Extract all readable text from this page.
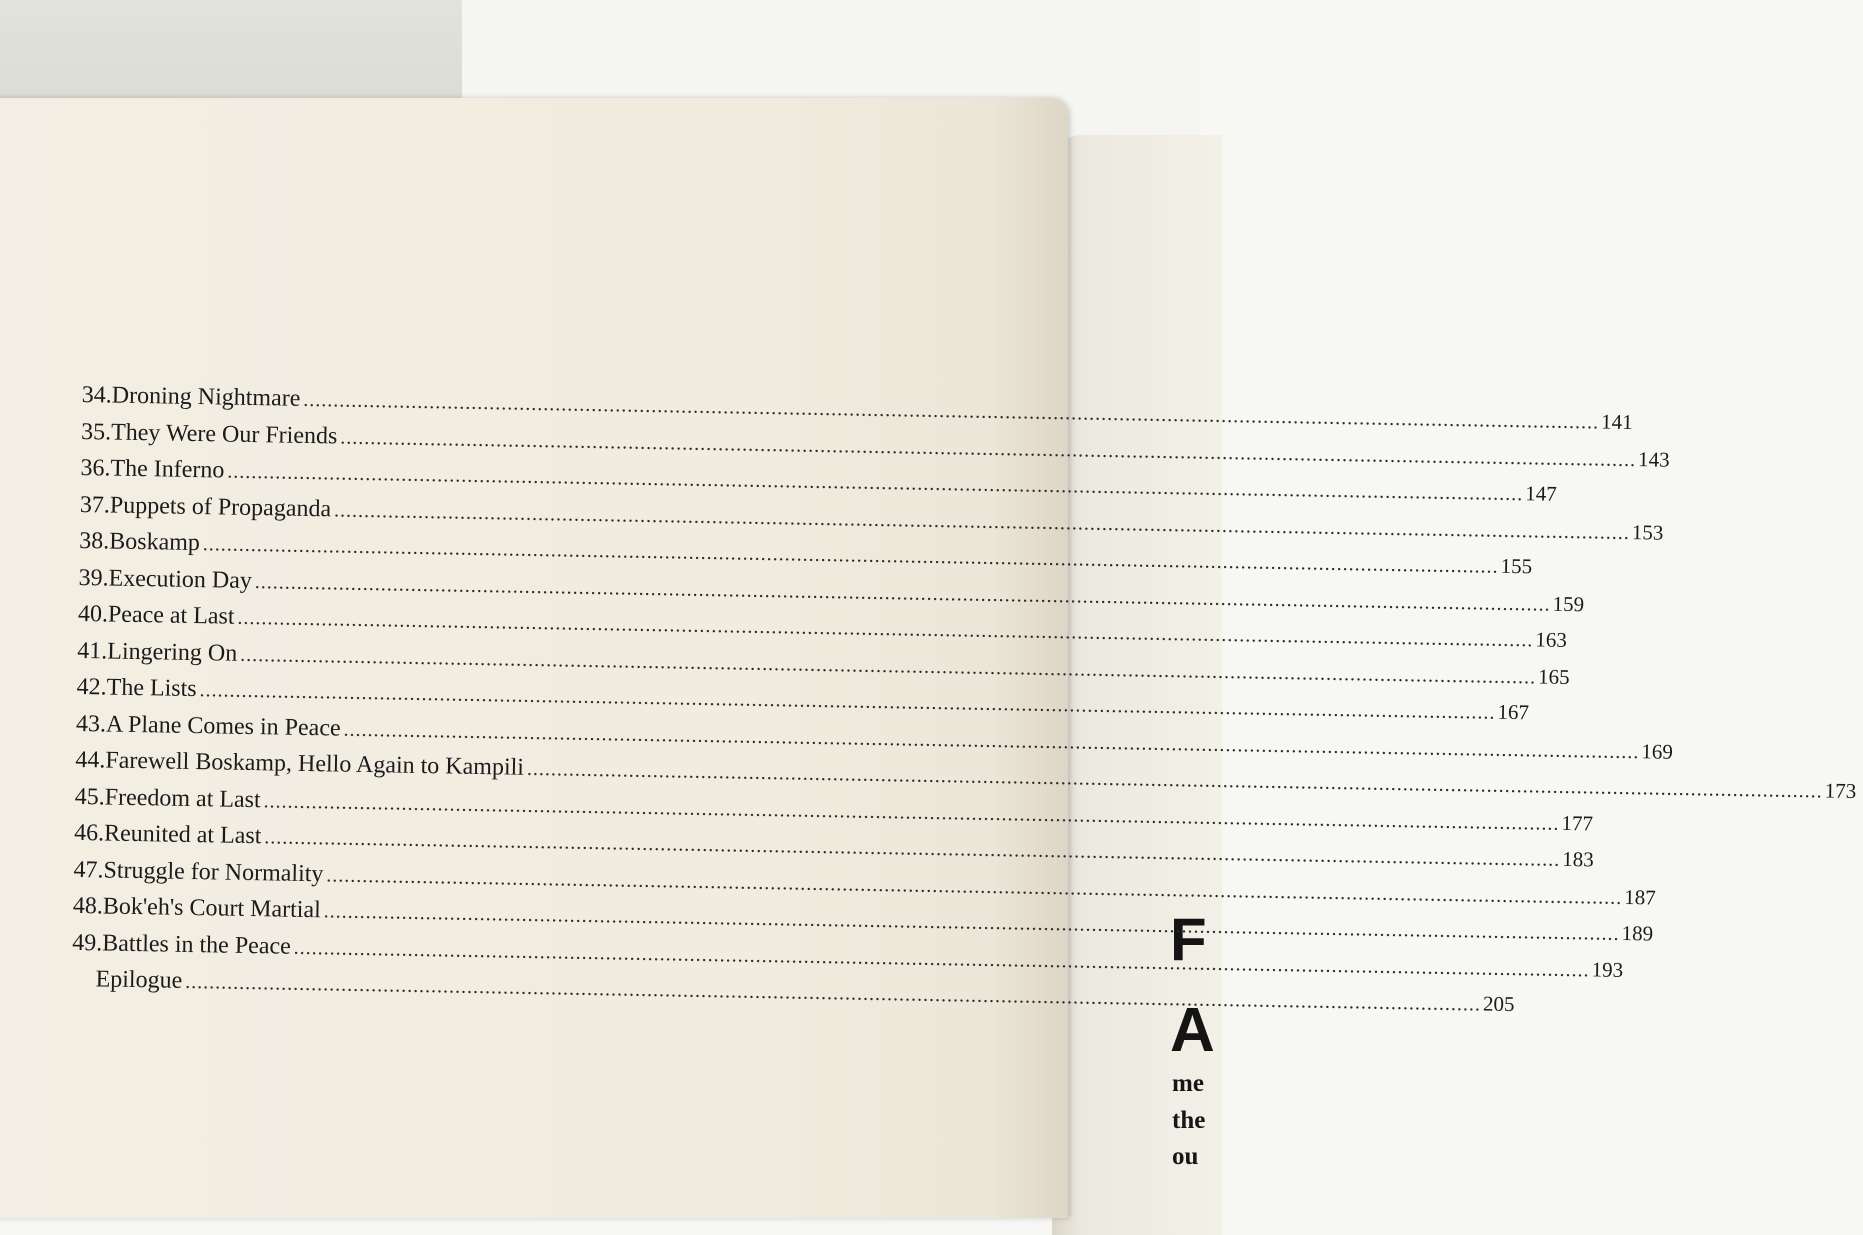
F
A
me
the
ou
34. Droning Nightmare
.....
141
35. They Were Our Friends
.....
143
36. The Inferno
.....
147
37. Puppets of Propaganda
.....
153
38. Boskamp
.....
155
39. Execution Day
.....
159
40. Peace at Last
.....
163
41. Lingering On
.....
165
42. The Lists
.....
167
43. A Plane Comes in Peace
.....
169
44. Farewell Boskamp, Hello Again to Kampili
.....
173
45. Freedom at Last
.....
177
46. Reunited at Last
.....
183
47. Struggle for Normality
.....
187
48. Bok'eh's Court Martial
.....
189
49. Battles in the Peace
.....
193
Epilogue
.....
205
